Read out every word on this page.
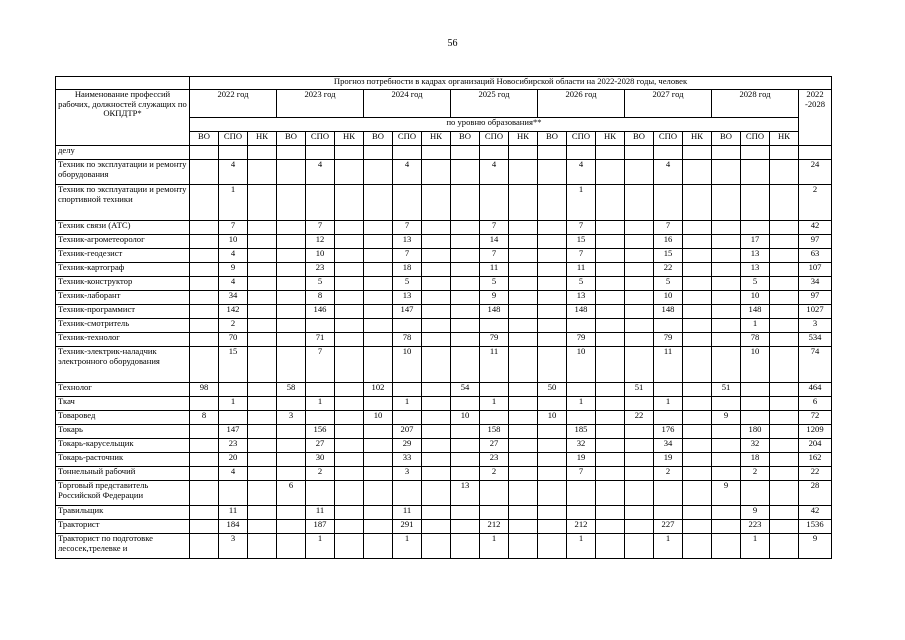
56
	Прогноз потребности в кадрах организаций Новосибирской области на 2022-2028 годы, человек																					
Наименование профессий рабочих, должностей служащих по ОКПДТР*	2022 год			2023 год			2024 год			2025 год			2026 год			2027 год			2028 год			2022 -2028
	по уровню образования**																					
	ВО	СПО	НК	ВО	СПО	НК	ВО	СПО	НК	ВО	СПО	НК	ВО	СПО	НК	ВО	СПО	НК	ВО	СПО	НК	
делу																						
Техник по эксплуатации и ремонту оборудования		4			4			4			4			4			4					24
Техник по эксплуатации и ремонту спортивной техники		1												1								2
Техник связи (АТС)		7			7			7			7			7			7					42
Техник-агрометеоролог		10			12			13			14			15			16			17		97
Техник-геодезист		4			10			7			7			7			15			13		63
Техник-картограф		9			23			18			11			11			22			13		107
Техник-конструктор		4			5			5			5			5			5			5		34
Техник-лаборант		34			8			13			9			13			10			10		97
Техник-программист		142			146			147			148			148			148			148		1027
Техник-смотритель		2																		1		3
Техник-технолог		70			71			78			79			79			79			78		534
Техник-электрик-наладчик электронного оборудования		15			7			10			11			10			11			10		74
Технолог	98			58			102			54			50			51			51			464
Ткач		1			1			1			1			1			1					6
Товаровед	8			3			10			10			10			22			9			72
Токарь		147			156			207			158			185			176			180		1209
Токарь-карусельщик		23			27			29			27			32			34			32		204
Токарь-расточник		20			30			33			23			19			19			18		162
Тоннельный рабочий		4			2			3			2			7			2			2		22
Торговый представитель Российской Федерации				6						13									9			28
Травильщик		11			11			11												9		42
Тракторист		184			187			291			212			212			227			223		1536
Тракторист по подготовке лесосек,трелевке и		3			1			1			1			1			1			1		9
